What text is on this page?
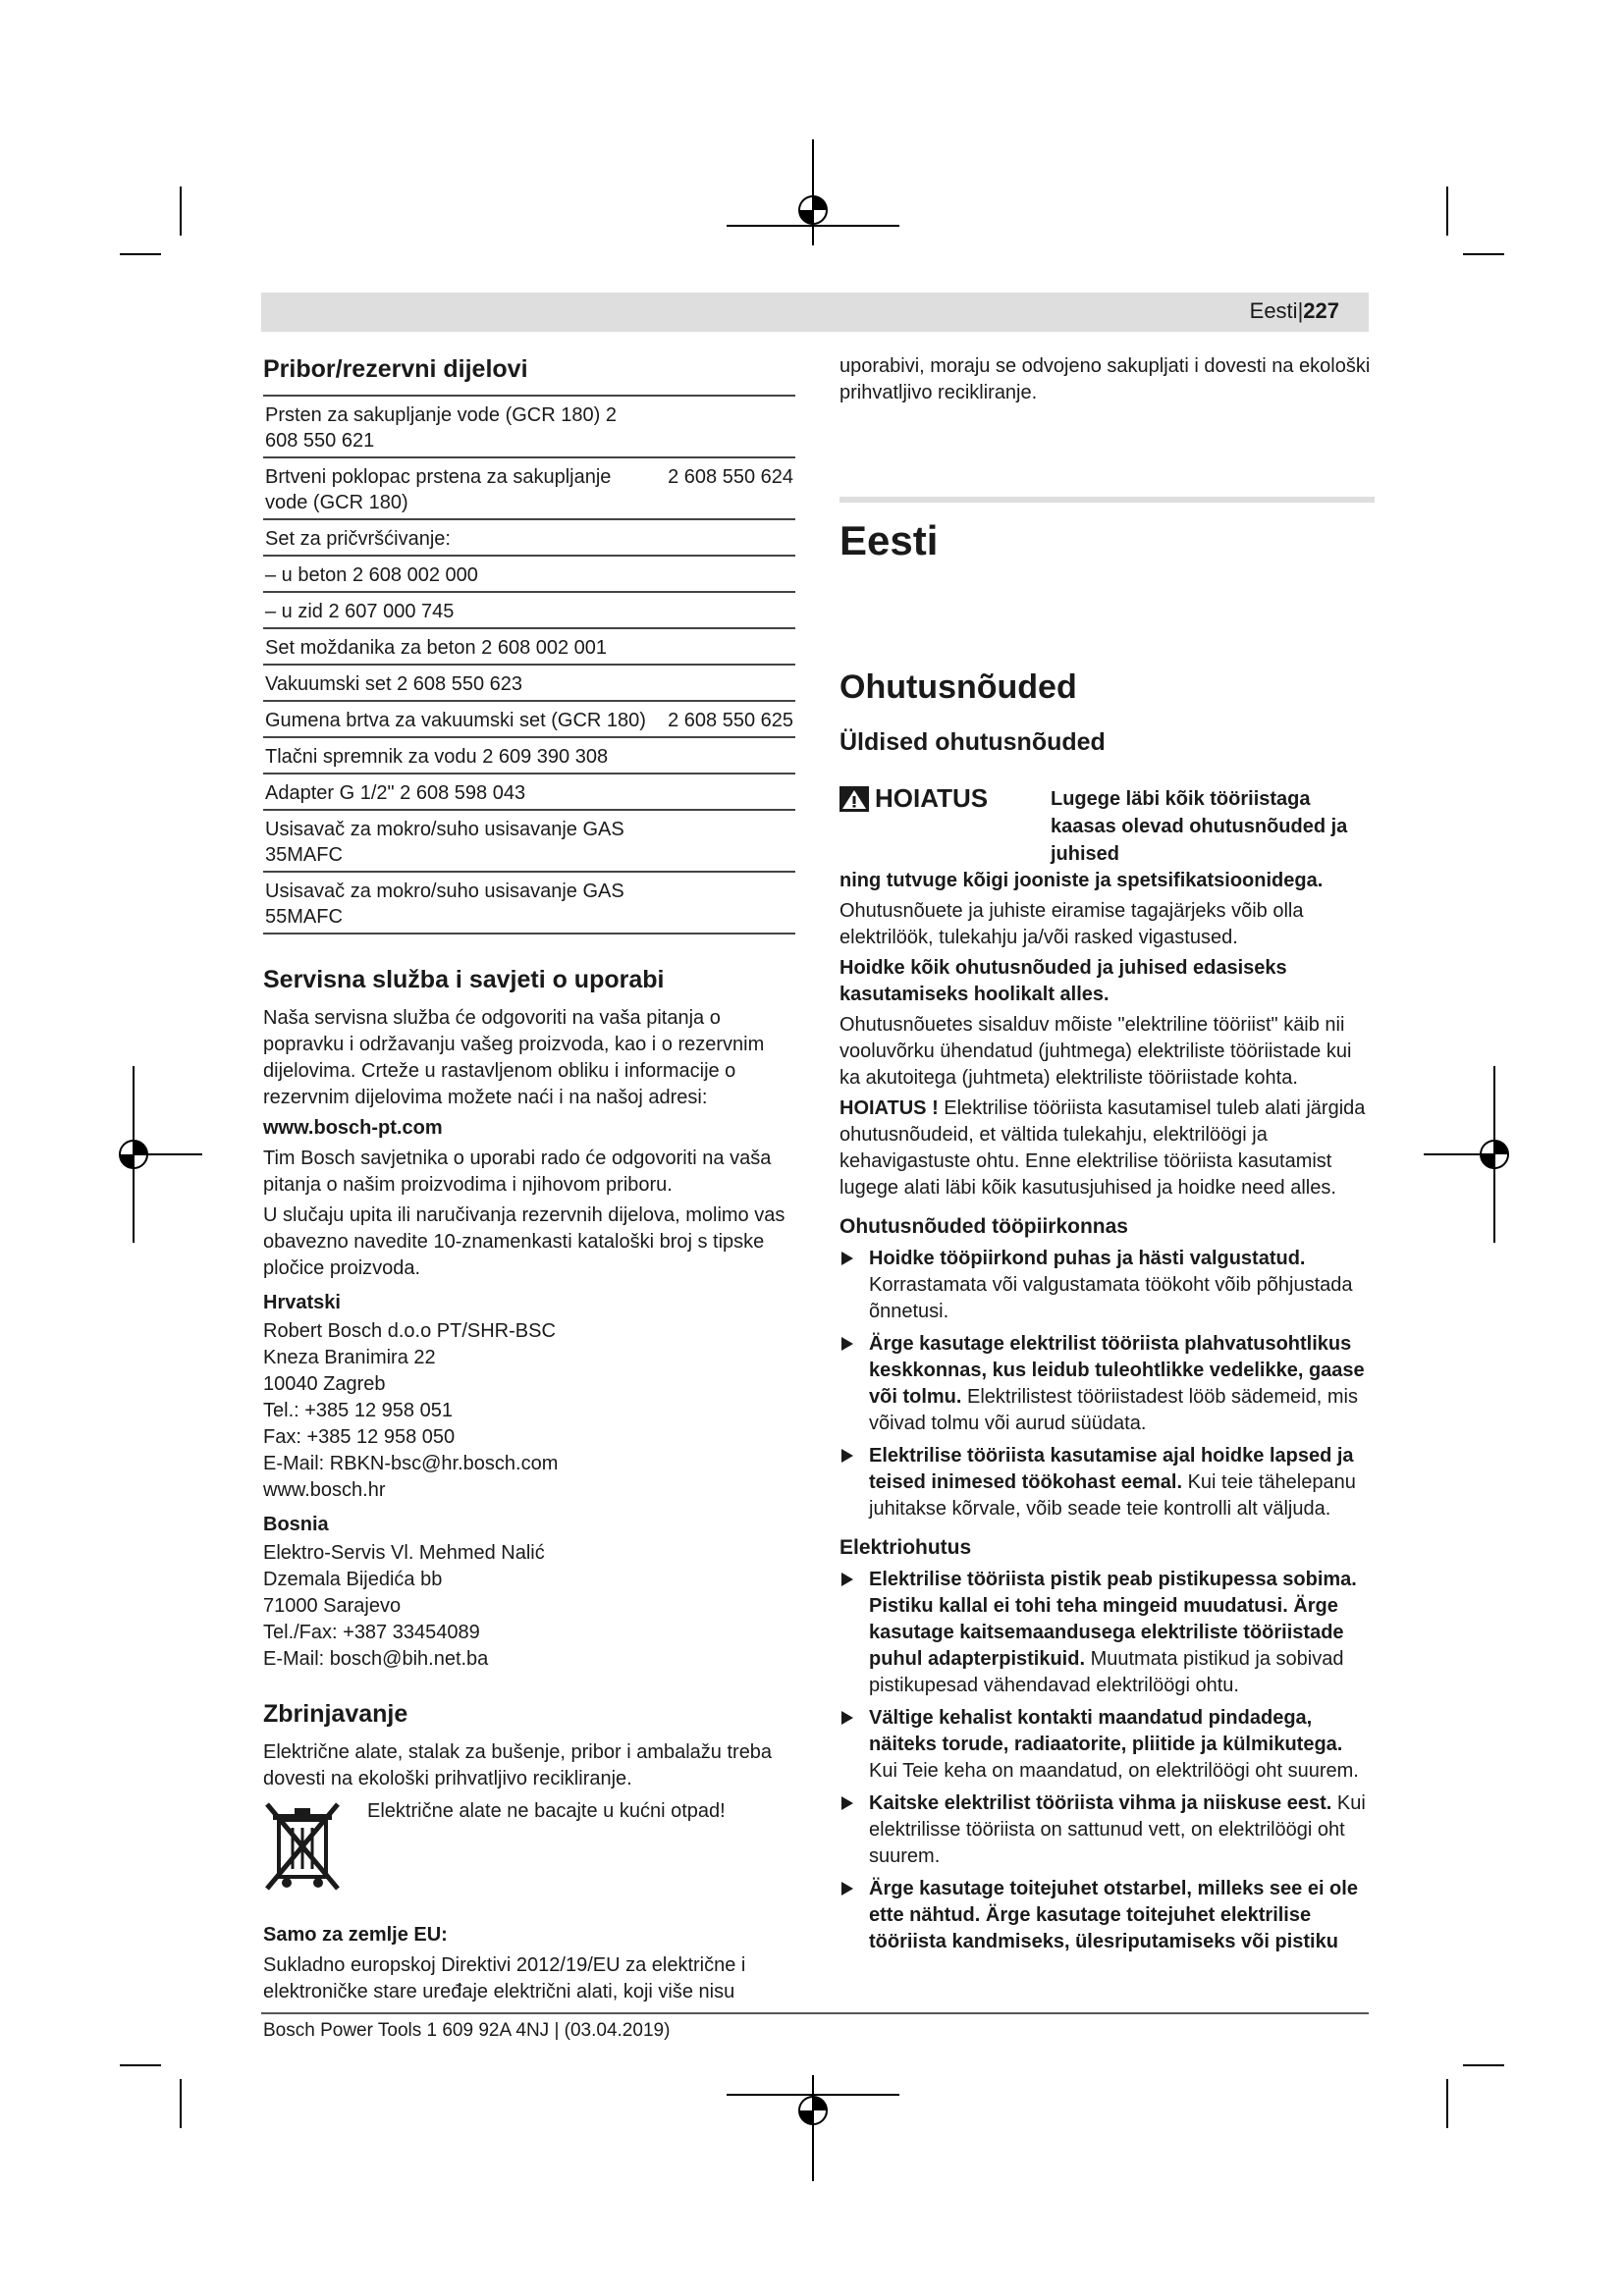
Eesti|227
Pribor/rezervni dijelovi
Prsten za sakupljanje vode (GCR 180) 2 608 550 621	
Brtveni poklopac prstena za sakupljanje vode (GCR 180)	2 608 550 624
Set za pričvršćivanje:	
– u beton 2 608 002 000	
– u zid 2 607 000 745	
Set moždanika za beton 2 608 002 001	
Vakuumski set 2 608 550 623	
Gumena brtva za vakuumski set (GCR 180)	2 608 550 625
Tlačni spremnik za vodu 2 609 390 308	
Adapter G 1/2" 2 608 598 043	
Usisavač za mokro/suho usisavanje GAS 35MAFC	
Usisavač za mokro/suho usisavanje GAS 55MAFC	
Servisna služba i savjeti o uporabi

Naša servisna služba će odgovoriti na vaša pitanja o popravku i održavanju vašeg proizvoda, kao i o rezervnim dijelovima. Crteže u rastavljenom obliku i informacije o rezervnim dijelovima možete naći i na našoj adresi:

www.bosch-pt.com

Tim Bosch savjetnika o uporabi rado će odgovoriti na vaša pitanja o našim proizvodima i njihovom priboru.

U slučaju upita ili naručivanja rezervnih dijelova, molimo vas obavezno navedite 10-znamenkasti kataloški broj s tipske pločice proizvoda.

Hrvatski
Robert Bosch d.o.o PT/SHR-BSC
Kneza Branimira 22
10040 Zagreb
Tel.: +385 12 958 051
Fax: +385 12 958 050
E-Mail: RBKN-bsc@hr.bosch.com
www.bosch.hr
Bosnia
Elektro-Servis Vl. Mehmed Nalić
Dzemala Bijedića bb
71000 Sarajevo
Tel./Fax: +387 33454089
E-Mail: bosch@bih.net.ba
Zbrinjavanje

Električne alate, stalak za bušenje, pribor i ambalažu treba dovesti na ekološki prihvatljivo recikliranje.

Električne alate ne bacajte u kućni otpad!

Samo za zemlje EU:

Sukladno europskoj Direktivi 2012/19/EU za električne i elektroničke stare uređaje električni alati, koji više nisu

uporabivi, moraju se odvojeno sakupljati i dovesti na ekološki prihvatljivo recikliranje.

Eesti
Ohutusnõuded
Üldised ohutusnõuded
HOIATUS	Lugege läbi kõik tööriistaga kaasas olevad ohutusnõuded ja juhised

ning tutvuge kõigi jooniste ja spetsifikatsioonidega.

Ohutusnõuete ja juhiste eiramise tagajärjeks võib olla elektrilöök, tulekahju ja/või rasked vigastused.

Hoidke kõik ohutusnõuded ja juhised edasiseks kasutamiseks hoolikalt alles.

Ohutusnõuetes sisalduv mõiste "elektriline tööriist" käib nii vooluvõrku ühendatud (juhtmega) elektriliste tööriistade kui ka akutoitega (juhtmeta) elektriliste tööriistade kohta.

HOIATUS ! Elektrilise tööriista kasutamisel tuleb alati järgida ohutusnõudeid, et vältida tulekahju, elektrilöögi ja kehavigastuste ohtu. Enne elektrilise tööriista kasutamist lugege alati läbi kõik kasutusjuhised ja hoidke need alles.

Ohutusnõuded tööpiirkonnas
Hoidke tööpiirkond puhas ja hästi valgustatud. Korrastamata või valgustamata töökoht võib põhjustada õnnetusi.
Ärge kasutage elektrilist tööriista plahvatusohtlikus keskkonnas, kus leidub tuleohtlikke vedelikke, gaase või tolmu. Elektrilistest tööriistadest lööb sädemeid, mis võivad tolmu või aurud süüdata.
Elektrilise tööriista kasutamise ajal hoidke lapsed ja teised inimesed töökohast eemal. Kui teie tähelepanu juhitakse kõrvale, võib seade teie kontrolli alt väljuda.
Elektriohutus
Elektrilise tööriista pistik peab pistikupessa sobima. Pistiku kallal ei tohi teha mingeid muudatusi. Ärge kasutage kaitsemaandusega elektriliste tööriistade puhul adapterpistikuid. Muutmata pistikud ja sobivad pistikupesad vähendavad elektrilöögi ohtu.
Vältige kehalist kontakti maandatud pindadega, näiteks torude, radiaatorite, pliitide ja külmikutega. Kui Teie keha on maandatud, on elektrilöögi oht suurem.
Kaitske elektrilist tööriista vihma ja niiskuse eest. Kui elektrilisse tööriista on sattunud vett, on elektrilöögi oht suurem.
Ärge kasutage toitejuhet otstarbel, milleks see ei ole ette nähtud. Ärge kasutage toitejuhet elektrilise tööriista kandmiseks, ülesriputamiseks või pistiku
Bosch Power Tools 1 609 92A 4NJ | (03.04.2019)
